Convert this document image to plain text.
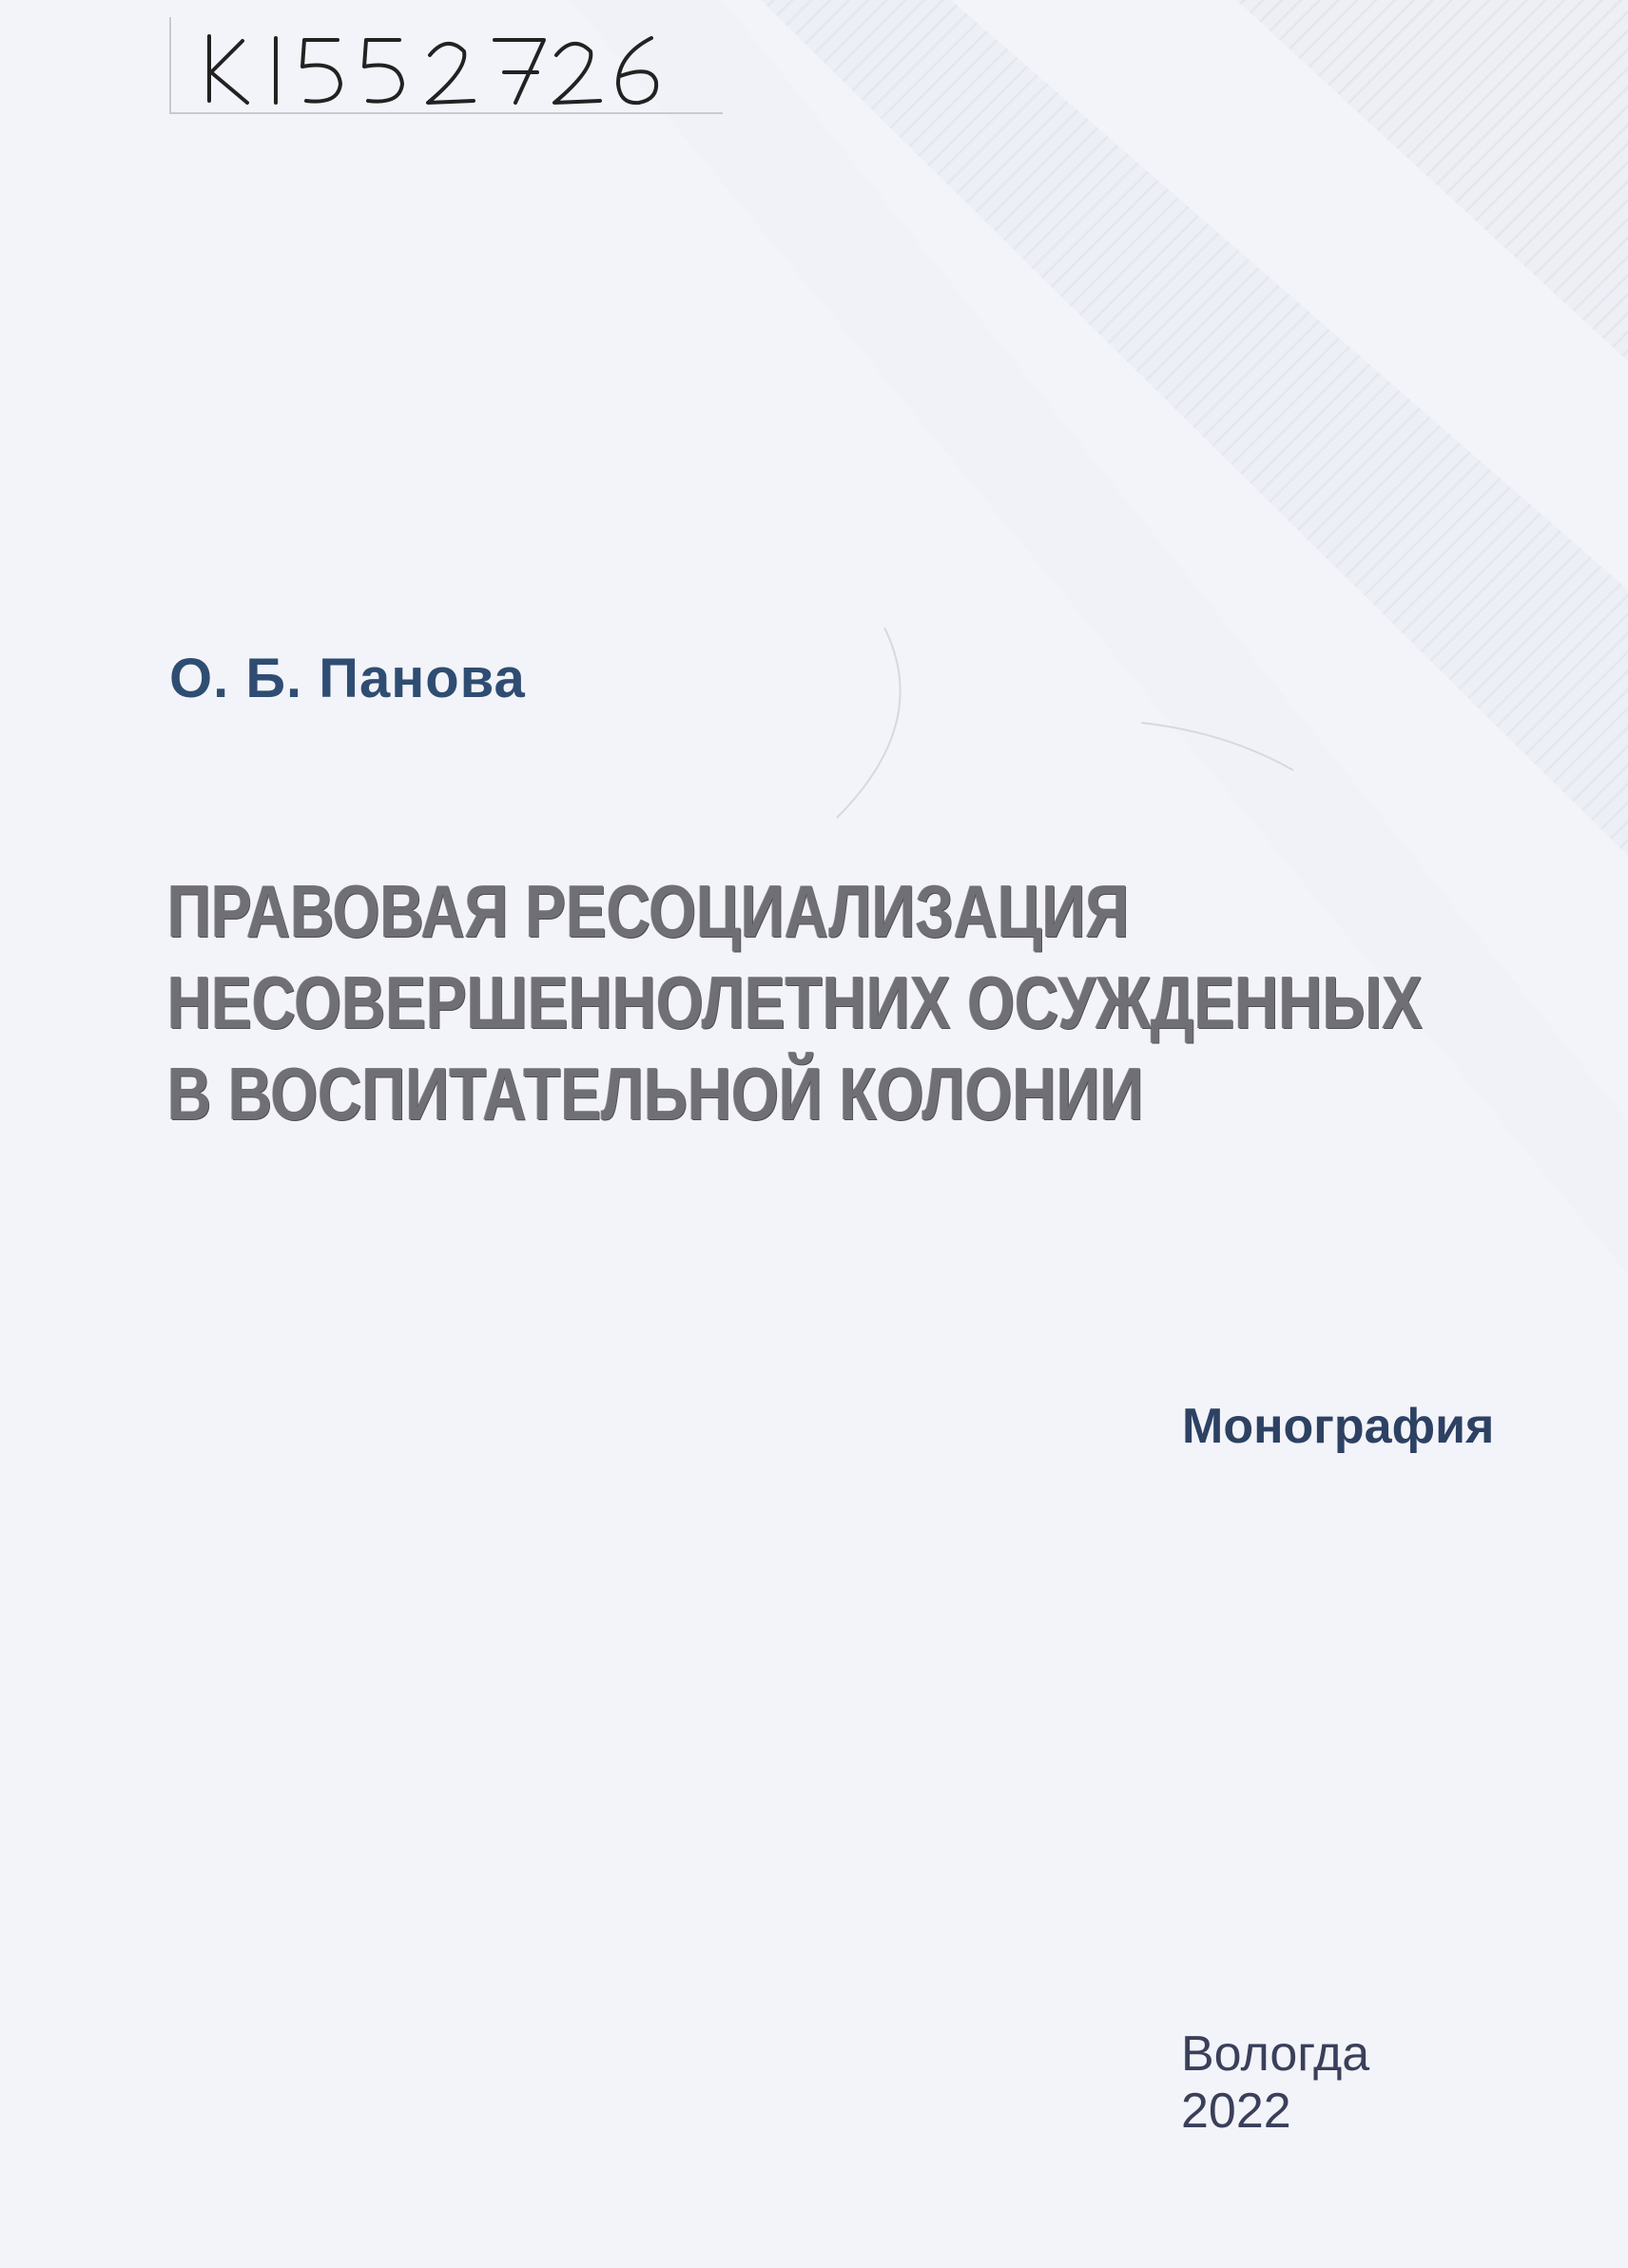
О. Б. Панова

ПРАВОВАЯ РЕСОЦИАЛИЗАЦИЯ
НЕСОВЕРШЕННОЛЕТНИХ ОСУЖДЕННЫХ
В ВОСПИТАТЕЛЬНОЙ КОЛОНИИ

Монография

Вологда
2022
